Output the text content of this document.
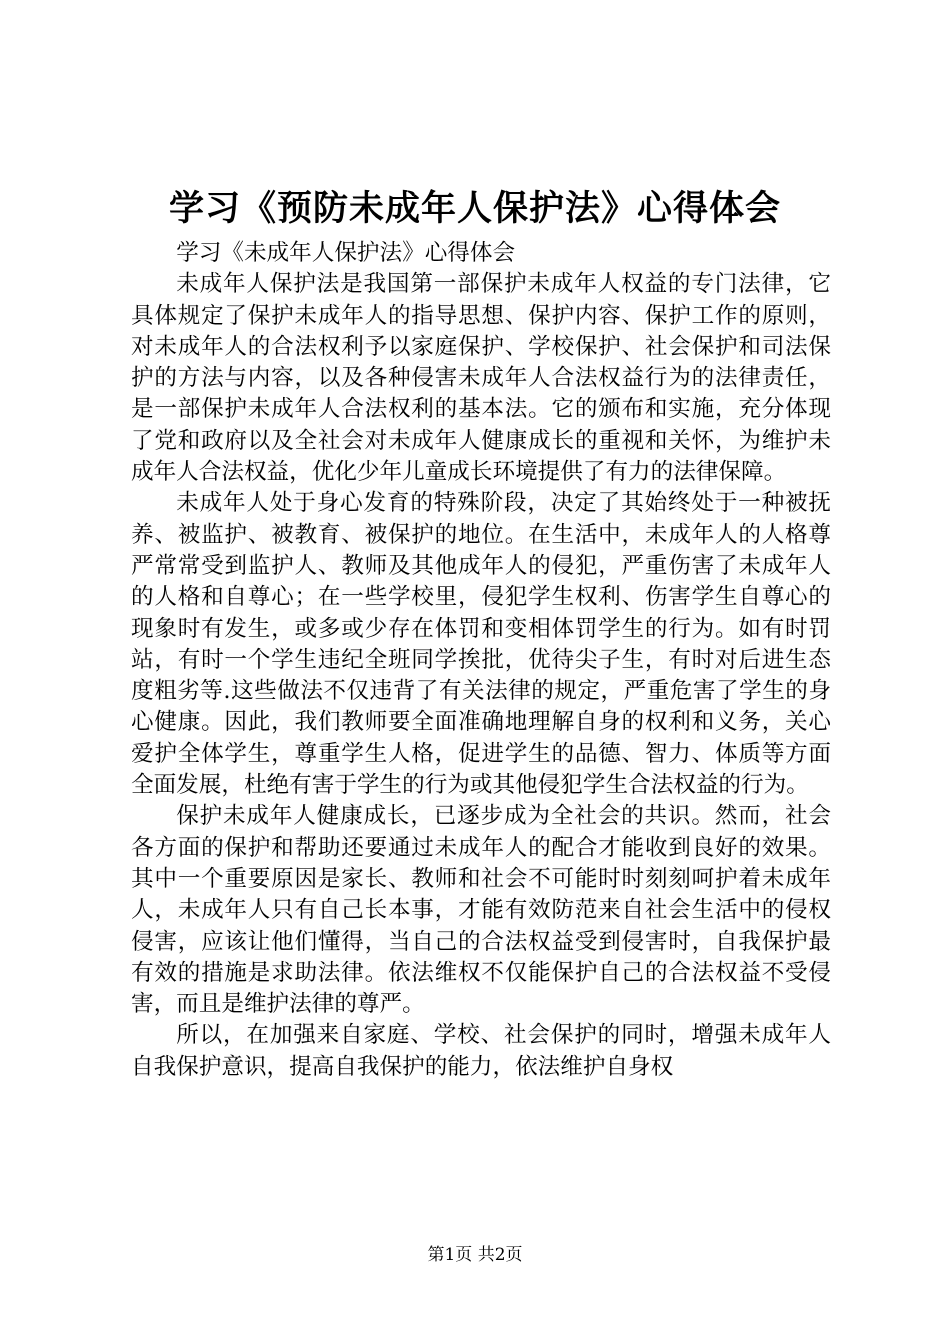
学习《预防未成年人保护法》心得体会

学习《未成年人保护法》心得体会

未成年人保护法是我国第一部保护未成年人权益的专门法律，它具体规定了保护未成年人的指导思想、保护内容、保护工作的原则，对未成年人的合法权利予以家庭保护、学校保护、社会保护和司法保护的方法与内容，以及各种侵害未成年人合法权益行为的法律责任，是一部保护未成年人合法权利的基本法。它的颁布和实施，充分体现了党和政府以及全社会对未成年人健康成长的重视和关怀，为维护未成年人合法权益，优化少年儿童成长环境提供了有力的法律保障。

未成年人处于身心发育的特殊阶段，决定了其始终处于一种被抚养、被监护、被教育、被保护的地位。在生活中，未成年人的人格尊严常常受到监护人、教师及其他成年人的侵犯，严重伤害了未成年人的人格和自尊心；在一些学校里，侵犯学生权利、伤害学生自尊心的现象时有发生，或多或少存在体罚和变相体罚学生的行为。如有时罚站，有时一个学生违纪全班同学挨批，优待尖子生，有时对后进生态度粗劣等.这些做法不仅违背了有关法律的规定，严重危害了学生的身心健康。因此，我们教师要全面准确地理解自身的权利和义务，关心爱护全体学生，尊重学生人格，促进学生的品德、智力、体质等方面全面发展，杜绝有害于学生的行为或其他侵犯学生合法权益的行为。

保护未成年人健康成长，已逐步成为全社会的共识。然而，社会各方面的保护和帮助还要通过未成年人的配合才能收到良好的效果。其中一个重要原因是家长、教师和社会不可能时时刻刻呵护着未成年人，未成年人只有自己长本事，才能有效防范来自社会生活中的侵权侵害，应该让他们懂得，当自己的合法权益受到侵害时，自我保护最有效的措施是求助法律。依法维权不仅能保护自己的合法权益不受侵害，而且是维护法律的尊严。

所以，在加强来自家庭、学校、社会保护的同时，增强未成年人自我保护意识，提高自我保护的能力，依法维护自身权

第1页 共2页
